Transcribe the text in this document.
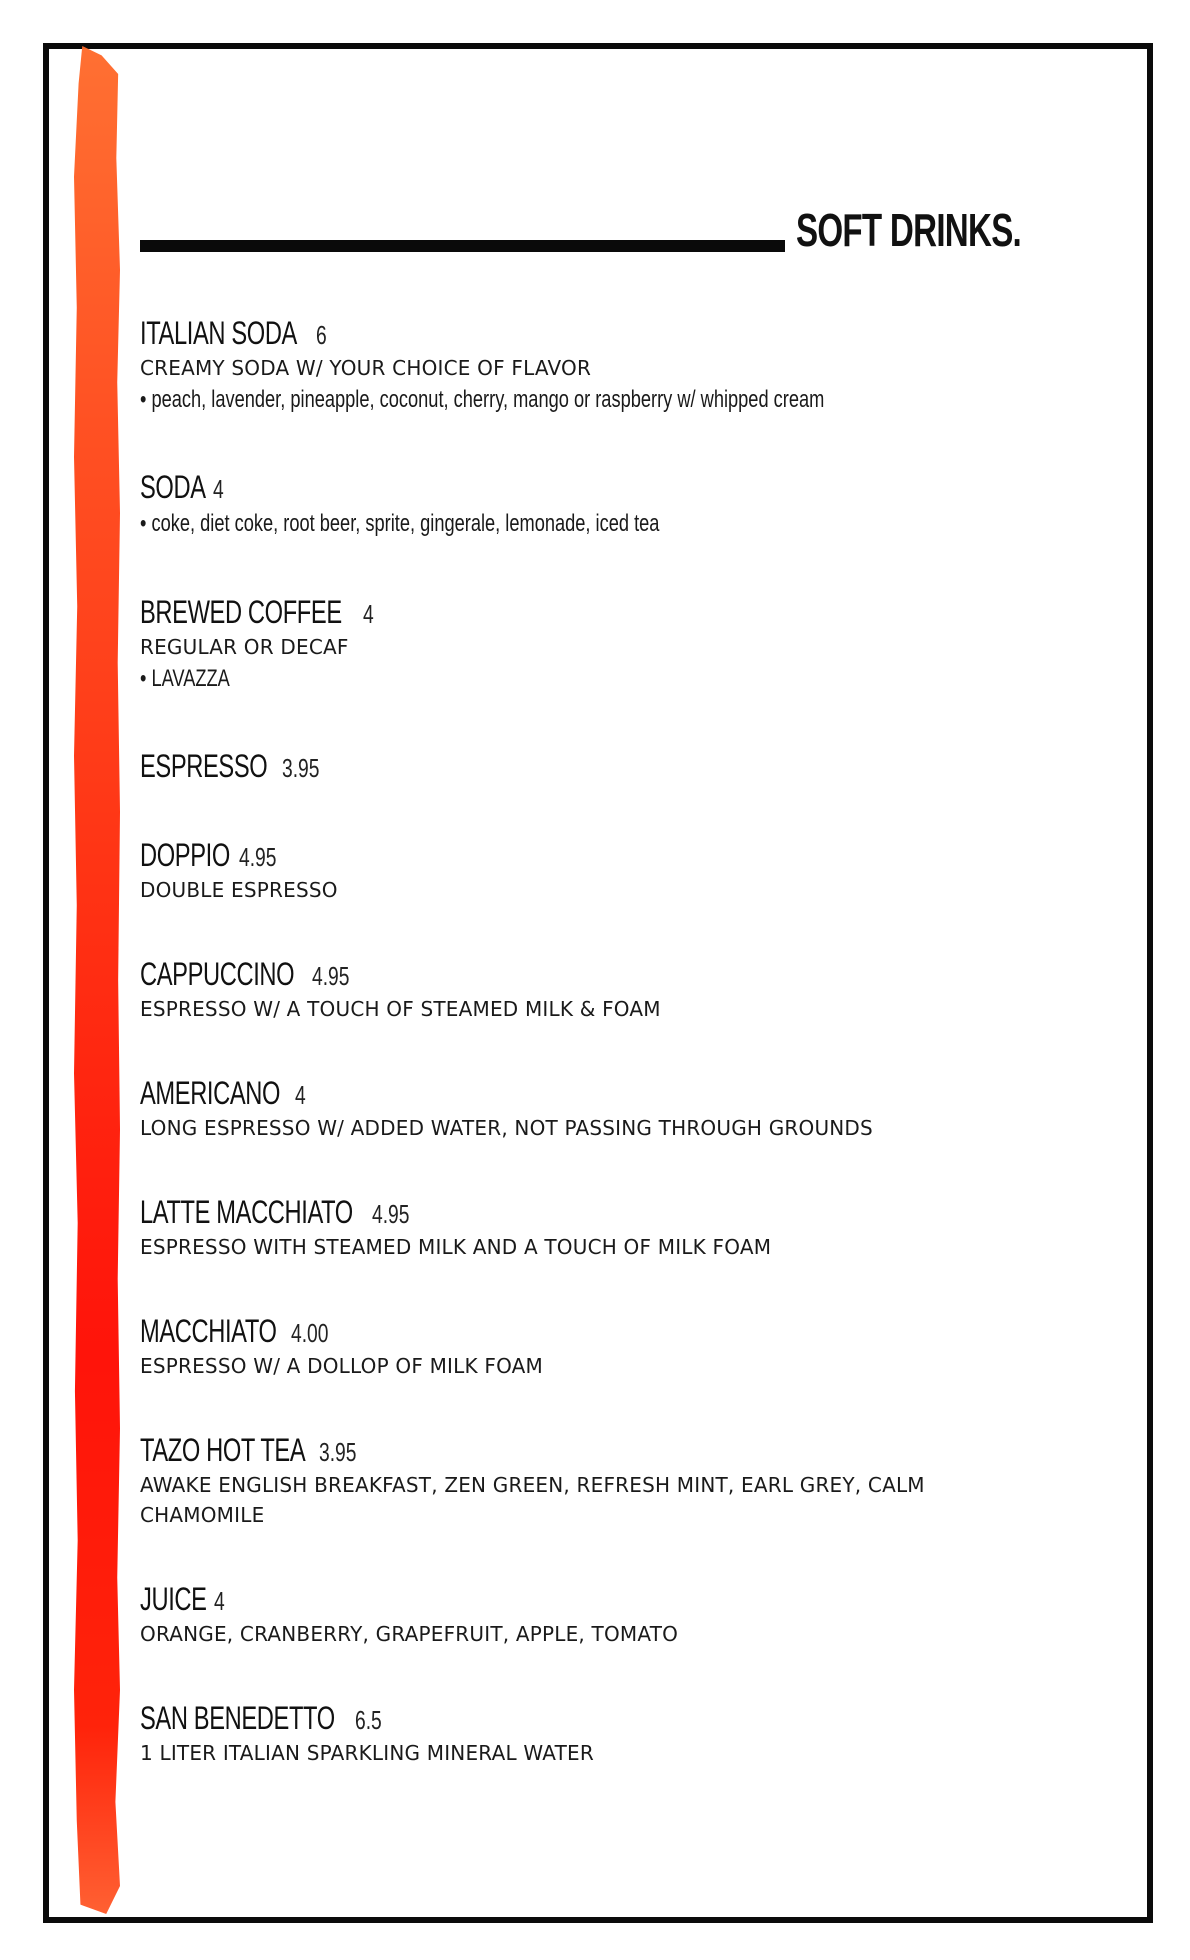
SOFT DRINKS.
ITALIAN SODA 6
CREAMY SODA W/ YOUR CHOICE OF FLAVOR
• peach, lavender, pineapple, coconut, cherry, mango or raspberry w/ whipped cream
SODA 4
• coke, diet coke, root beer, sprite, gingerale, lemonade, iced tea
BREWED COFFEE 4
REGULAR OR DECAF
• LAVAZZA
ESPRESSO 3.95
DOPPIO 4.95
DOUBLE ESPRESSO
CAPPUCCINO 4.95
ESPRESSO W/ A TOUCH OF STEAMED MILK & FOAM
AMERICANO 4
LONG ESPRESSO W/ ADDED WATER, NOT PASSING THROUGH GROUNDS
LATTE MACCHIATO 4.95
ESPRESSO WITH STEAMED MILK AND A TOUCH OF MILK FOAM
MACCHIATO 4.00
ESPRESSO W/ A DOLLOP OF MILK FOAM
TAZO HOT TEA 3.95
AWAKE ENGLISH BREAKFAST, ZEN GREEN, REFRESH MINT, EARL GREY, CALM CHAMOMILE
JUICE 4
ORANGE, CRANBERRY, GRAPEFRUIT, APPLE, TOMATO
SAN BENEDETTO 6.5
1 LITER ITALIAN SPARKLING MINERAL WATER
